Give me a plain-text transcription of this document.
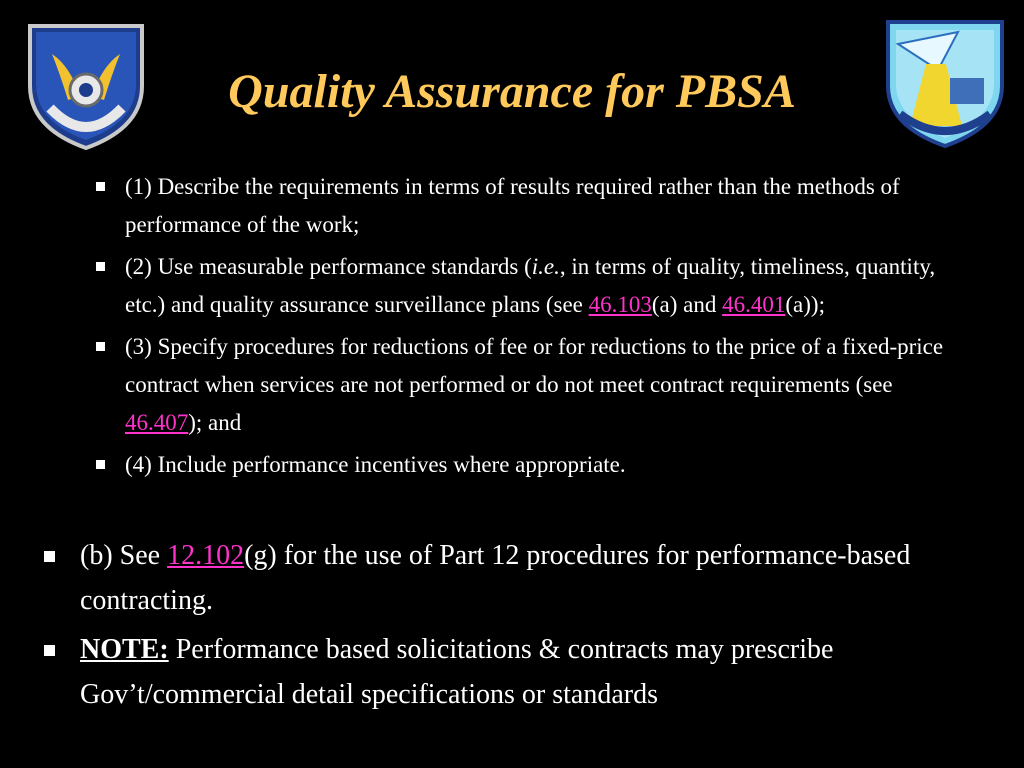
Quality Assurance for PBSA
(1) Describe the requirements in terms of results required rather than the methods of performance of the work;
(2) Use measurable performance standards (i.e., in terms of quality, timeliness, quantity, etc.) and quality assurance surveillance plans (see 46.103(a) and 46.401(a));
(3) Specify procedures for reductions of fee or for reductions to the price of a fixed-price contract when services are not performed or do not meet contract requirements (see 46.407); and
(4) Include performance incentives where appropriate.
(b) See 12.102(g) for the use of Part 12 procedures for performance-based contracting.
NOTE: Performance based solicitations & contracts may prescribe Gov’t/commercial detail specifications or standards
